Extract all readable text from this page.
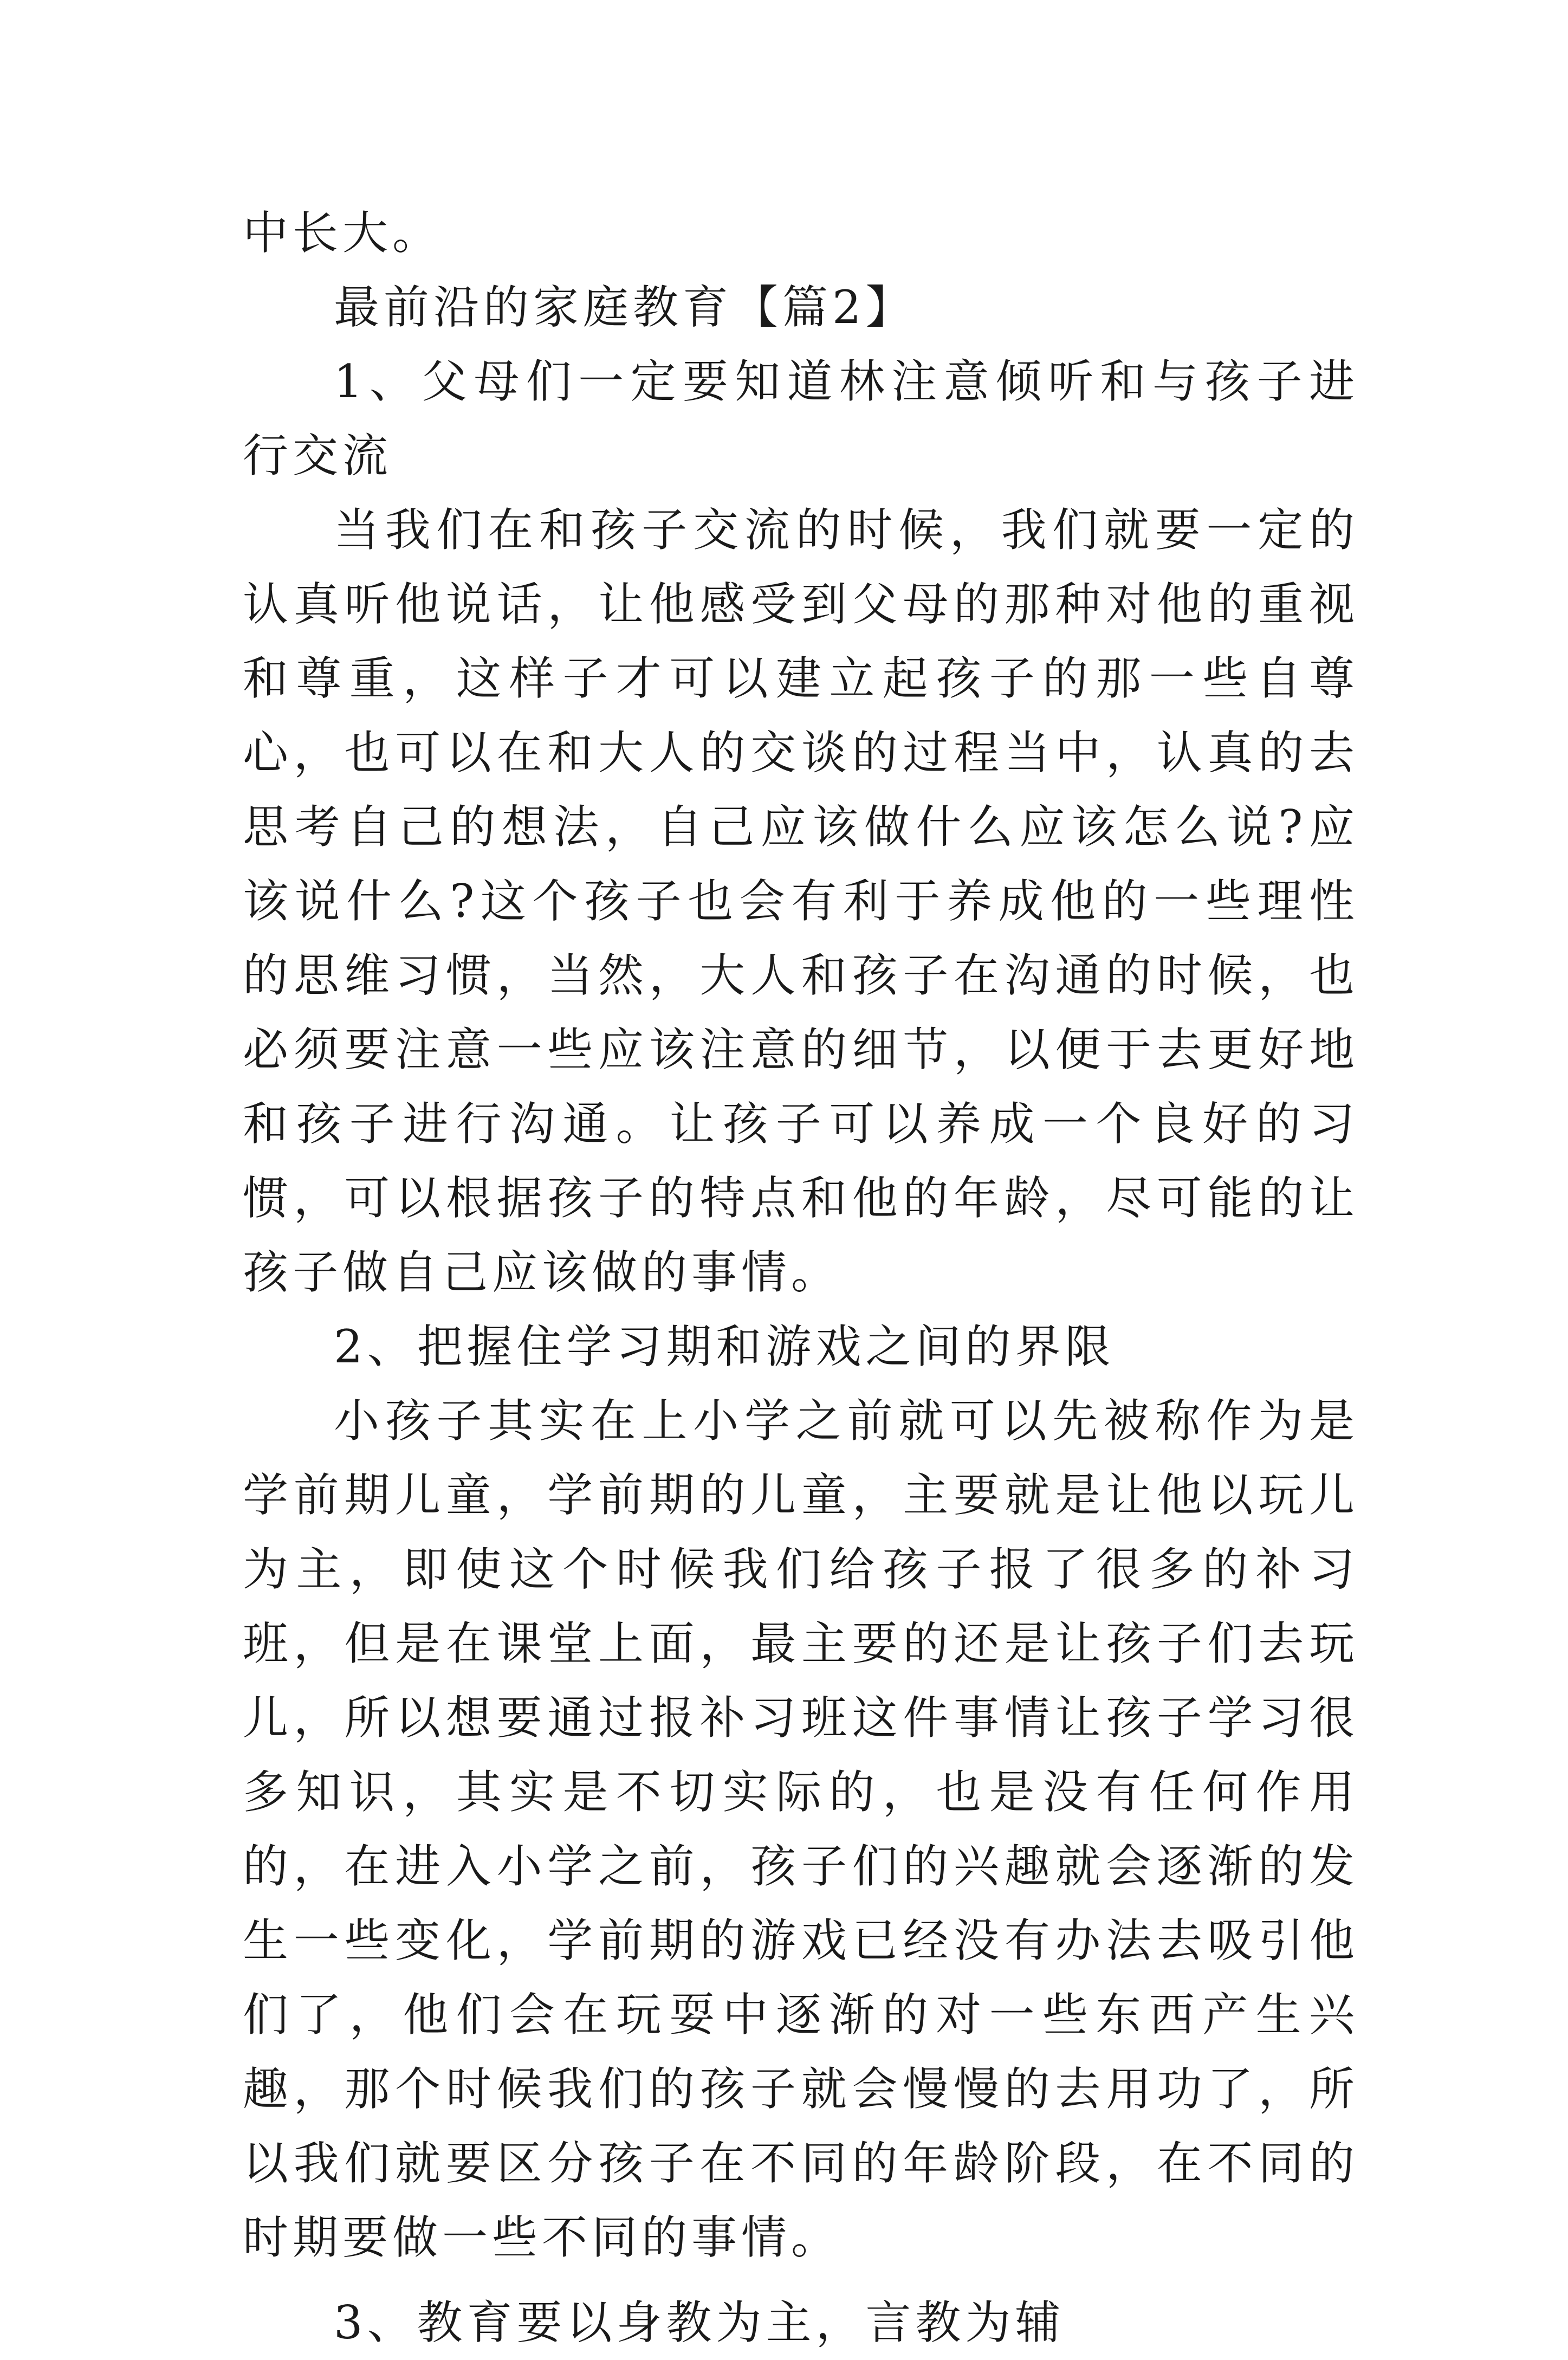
中长大。

最前沿的家庭教育【篇2】

1、父母们一定要知道林注意倾听和与孩子进行交流

当我们在和孩子交流的时候，我们就要一定的认真听他说话，让他感受到父母的那种对他的重视和尊重，这样子才可以建立起孩子的那一些自尊心，也可以在和大人的交谈的过程当中，认真的去思考自己的想法，自己应该做什么应该怎么说?应该说什么?这个孩子也会有利于养成他的一些理性的思维习惯，当然，大人和孩子在沟通的时候，也必须要注意一些应该注意的细节，以便于去更好地和孩子进行沟通。让孩子可以养成一个良好的习惯，可以根据孩子的特点和他的年龄，尽可能的让孩子做自己应该做的事情。

2、把握住学习期和游戏之间的界限

小孩子其实在上小学之前就可以先被称作为是学前期儿童，学前期的儿童，主要就是让他以玩儿为主，即使这个时候我们给孩子报了很多的补习班，但是在课堂上面，最主要的还是让孩子们去玩儿，所以想要通过报补习班这件事情让孩子学习很多知识，其实是不切实际的，也是没有任何作用的，在进入小学之前，孩子们的兴趣就会逐渐的发生一些变化，学前期的游戏已经没有办法去吸引他们了，他们会在玩耍中逐渐的对一些东西产生兴趣，那个时候我们的孩子就会慢慢的去用功了，所以我们就要区分孩子在不同的年龄阶段，在不同的时期要做一些不同的事情。

3、教育要以身教为主，言教为辅
